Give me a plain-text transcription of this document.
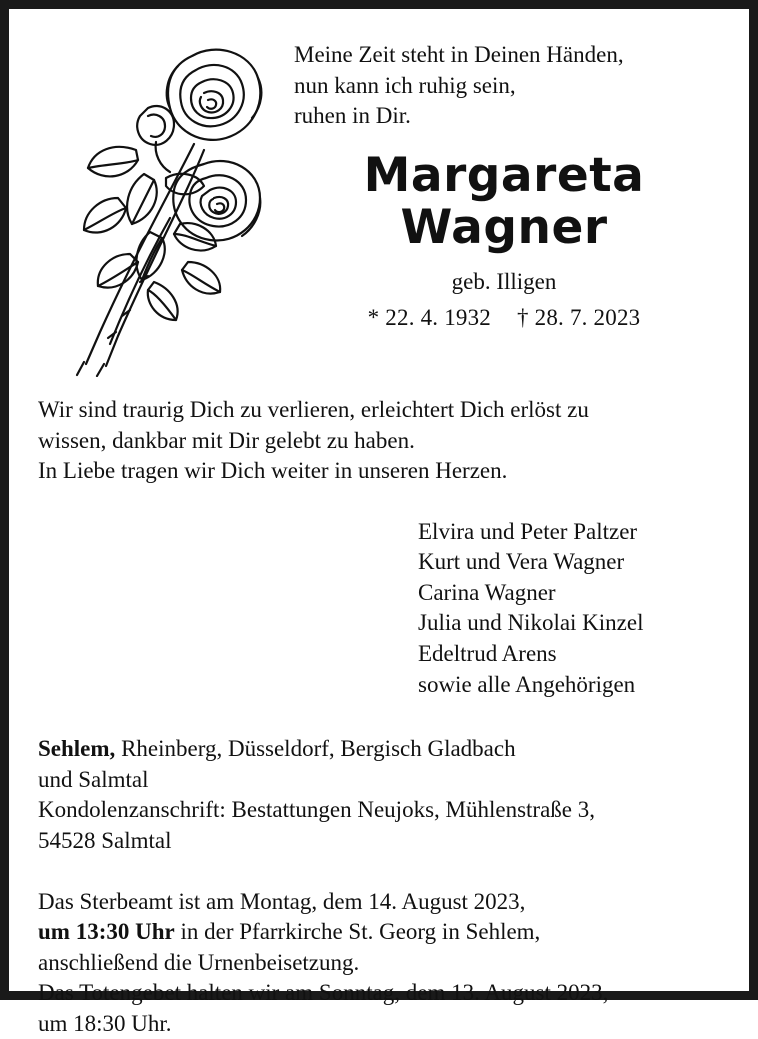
Meine Zeit steht in Deinen Händen,
nun kann ich ruhig sein,
ruhen in Dir.
Margareta
Wagner
geb. Illigen
* 22. 4. 1932 † 28. 7. 2023
Wir sind traurig Dich zu verlieren, erleichtert Dich erlöst zu
wissen, dankbar mit Dir gelebt zu haben.
In Liebe tragen wir Dich weiter in unseren Herzen.
Elvira und Peter Paltzer
Kurt und Vera Wagner
Carina Wagner
Julia und Nikolai Kinzel
Edeltrud Arens
sowie alle Angehörigen
Sehlem, Rheinberg, Düsseldorf, Bergisch Gladbach
und Salmtal
Kondolenzanschrift: Bestattungen Neujoks, Mühlenstraße 3,
54528 Salmtal
Das Sterbeamt ist am Montag, dem 14. August 2023,
um 13:30 Uhr in der Pfarrkirche St. Georg in Sehlem,
anschließend die Urnenbeisetzung.
Das Totengebet halten wir am Sonntag, dem 13. August 2023,
um 18:30 Uhr.
